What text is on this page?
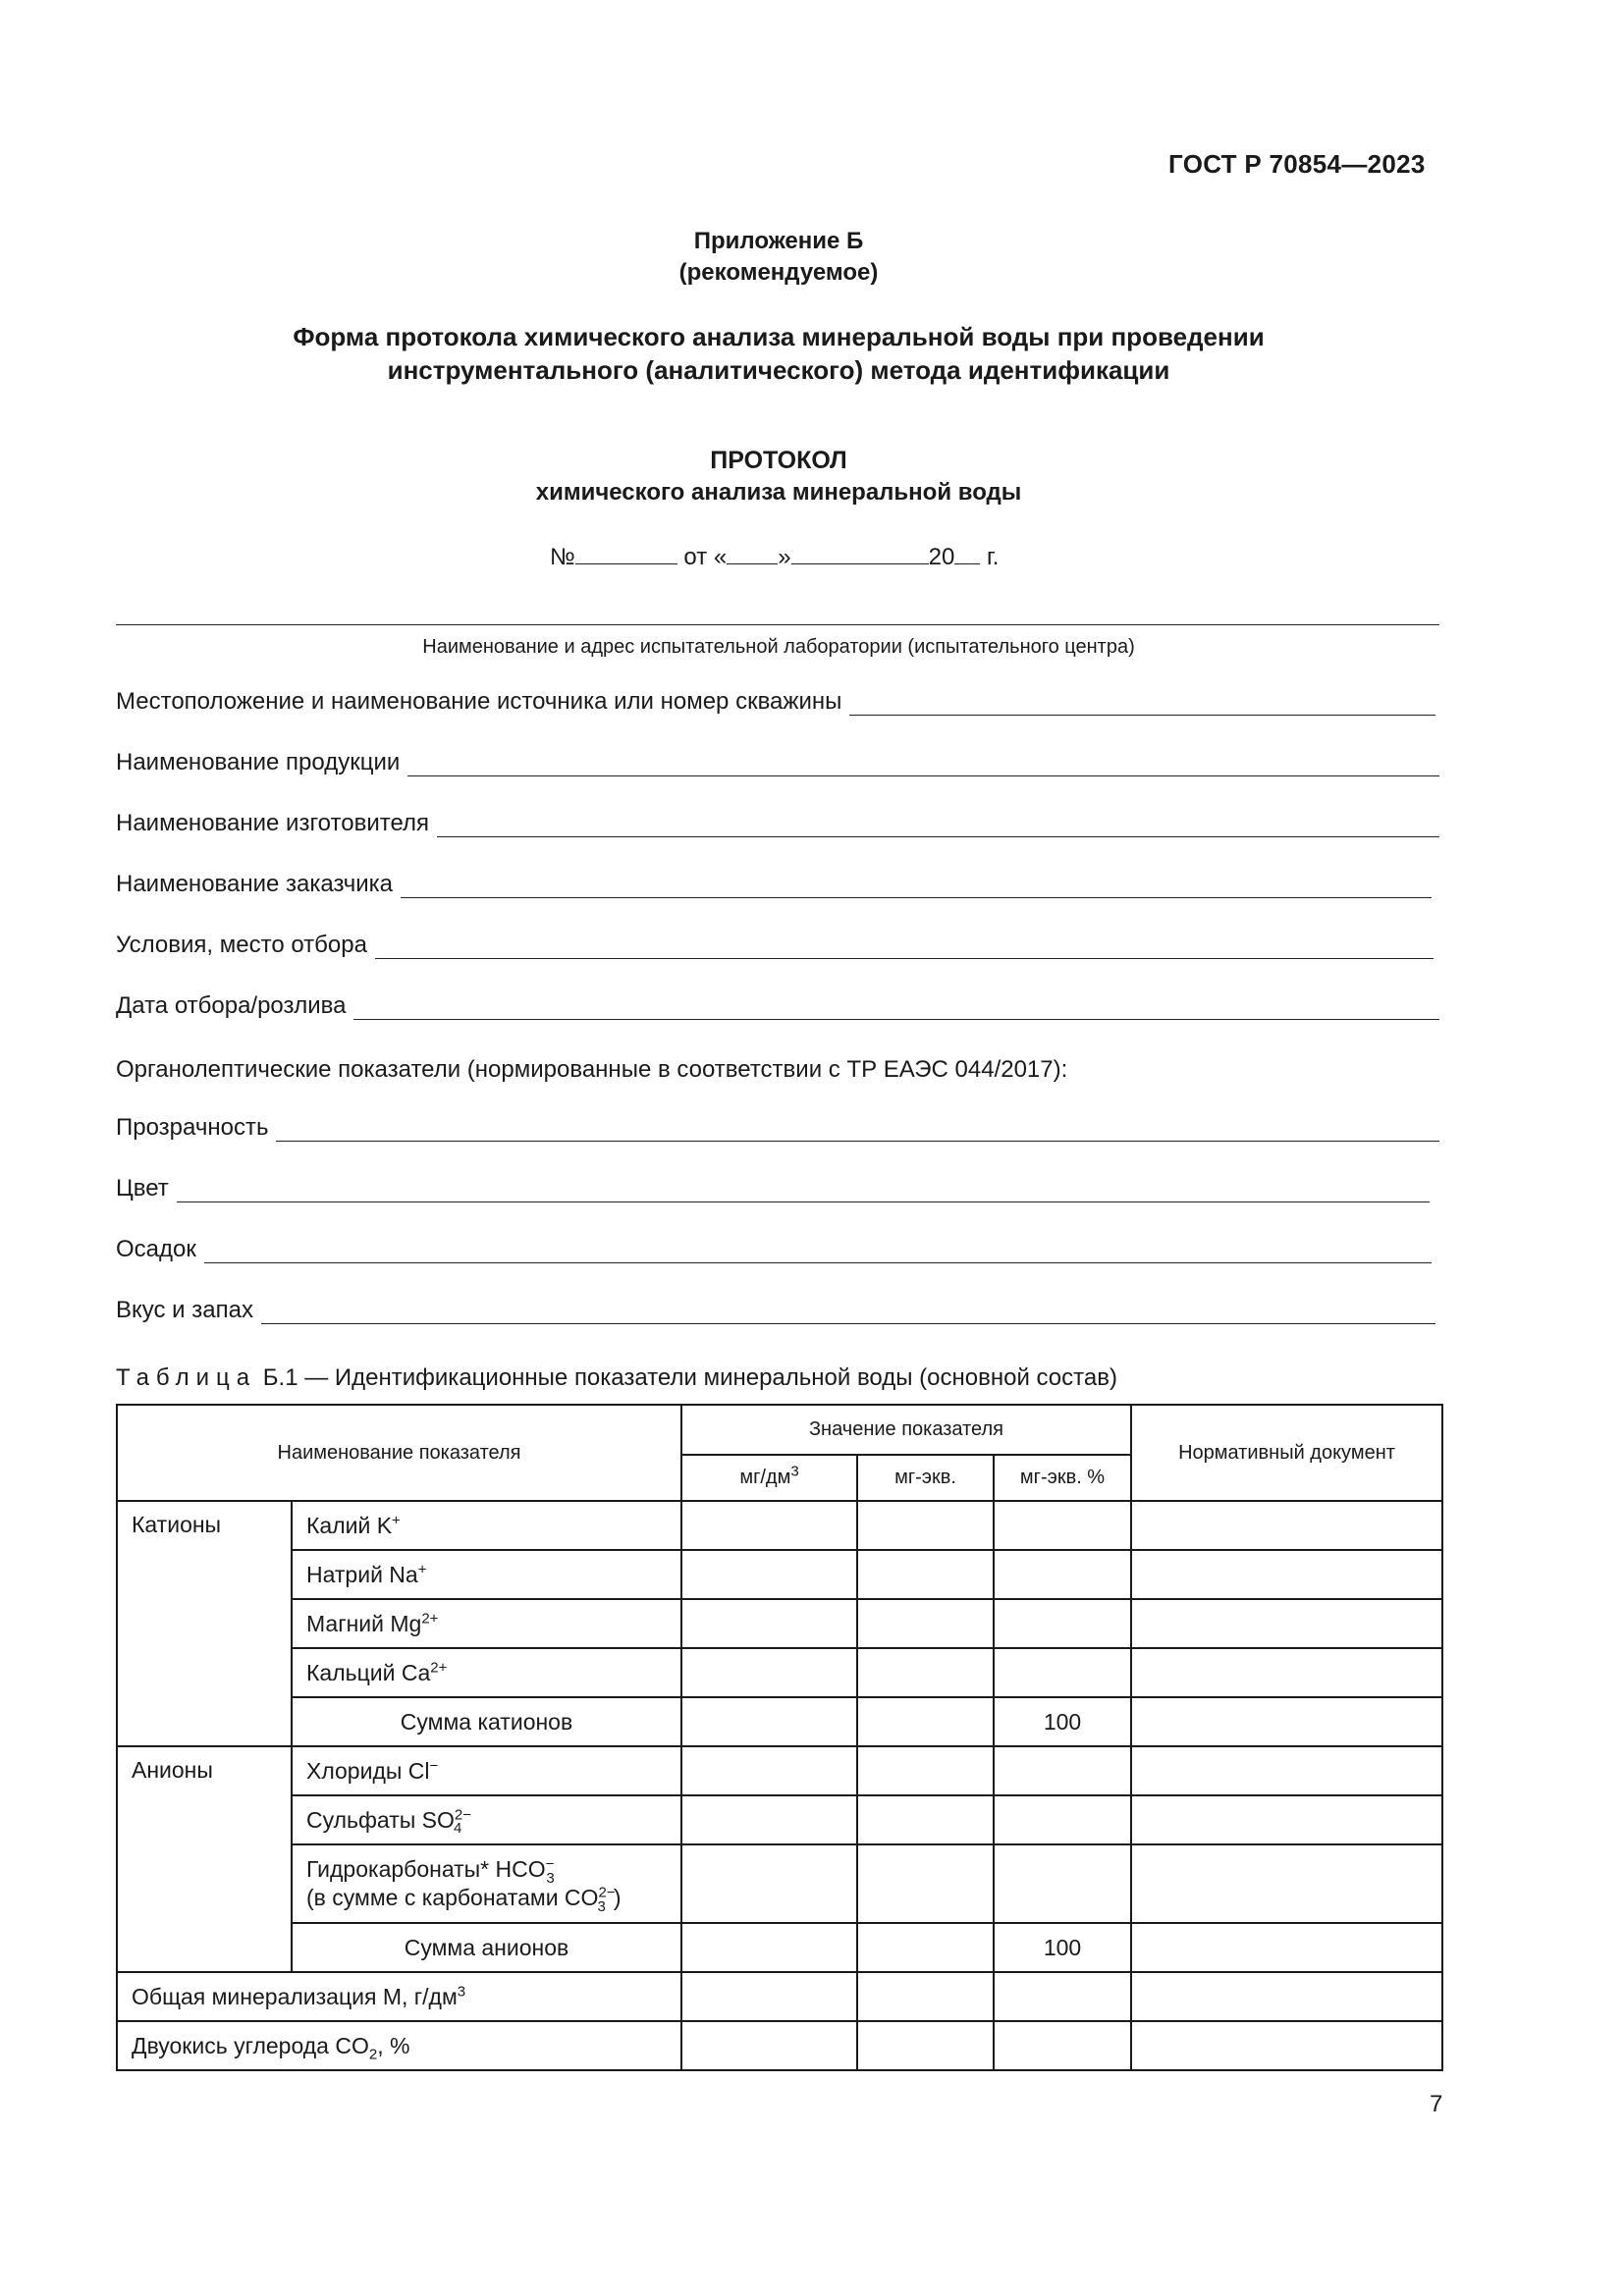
ГОСТ Р 70854—2023
Приложение Б
(рекомендуемое)
Форма протокола химического анализа минеральной воды при проведении
инструментального (аналитического) метода идентификации
ПРОТОКОЛ
химического анализа минеральной воды
№	от « »	20 г.
Наименование и адрес испытательной лаборатории (испытательного центра)
Местоположение и наименование источника или номер скважины
Наименование продукции
Наименование изготовителя
Наименование заказчика
Условия, место отбора
Дата отбора/розлива
Органолептические показатели (нормированные в соответствии с ТР ЕАЭС 044/2017):
Прозрачность
Цвет
Осадок
Вкус и запах
Таблица Б.1 — Идентификационные показатели минеральной воды (основной состав)
Наименование показателя		Значение показателя			Нормативный документ
		$мг/дм^3$	мг-экв.	мг-экв. %	
Катионы	Калий K+				
	Натрий Na+				
	Магний $Mg^{2+}$				
	Кальций $Ca^{2+}$				
	Сумма катионов			100	
Анионы	Хлориды Cl−				
	Сульфаты $SO^{2-}_4$				
	Гидрокарбонаты* $HCO^-_3$
(в сумме с карбонатами $CO^{2-}_3$ )				
	Сумма анионов			100	
Общая минерализация М, $г/дм^3$				
Двуокись углерода $CO_2$, %					
7
